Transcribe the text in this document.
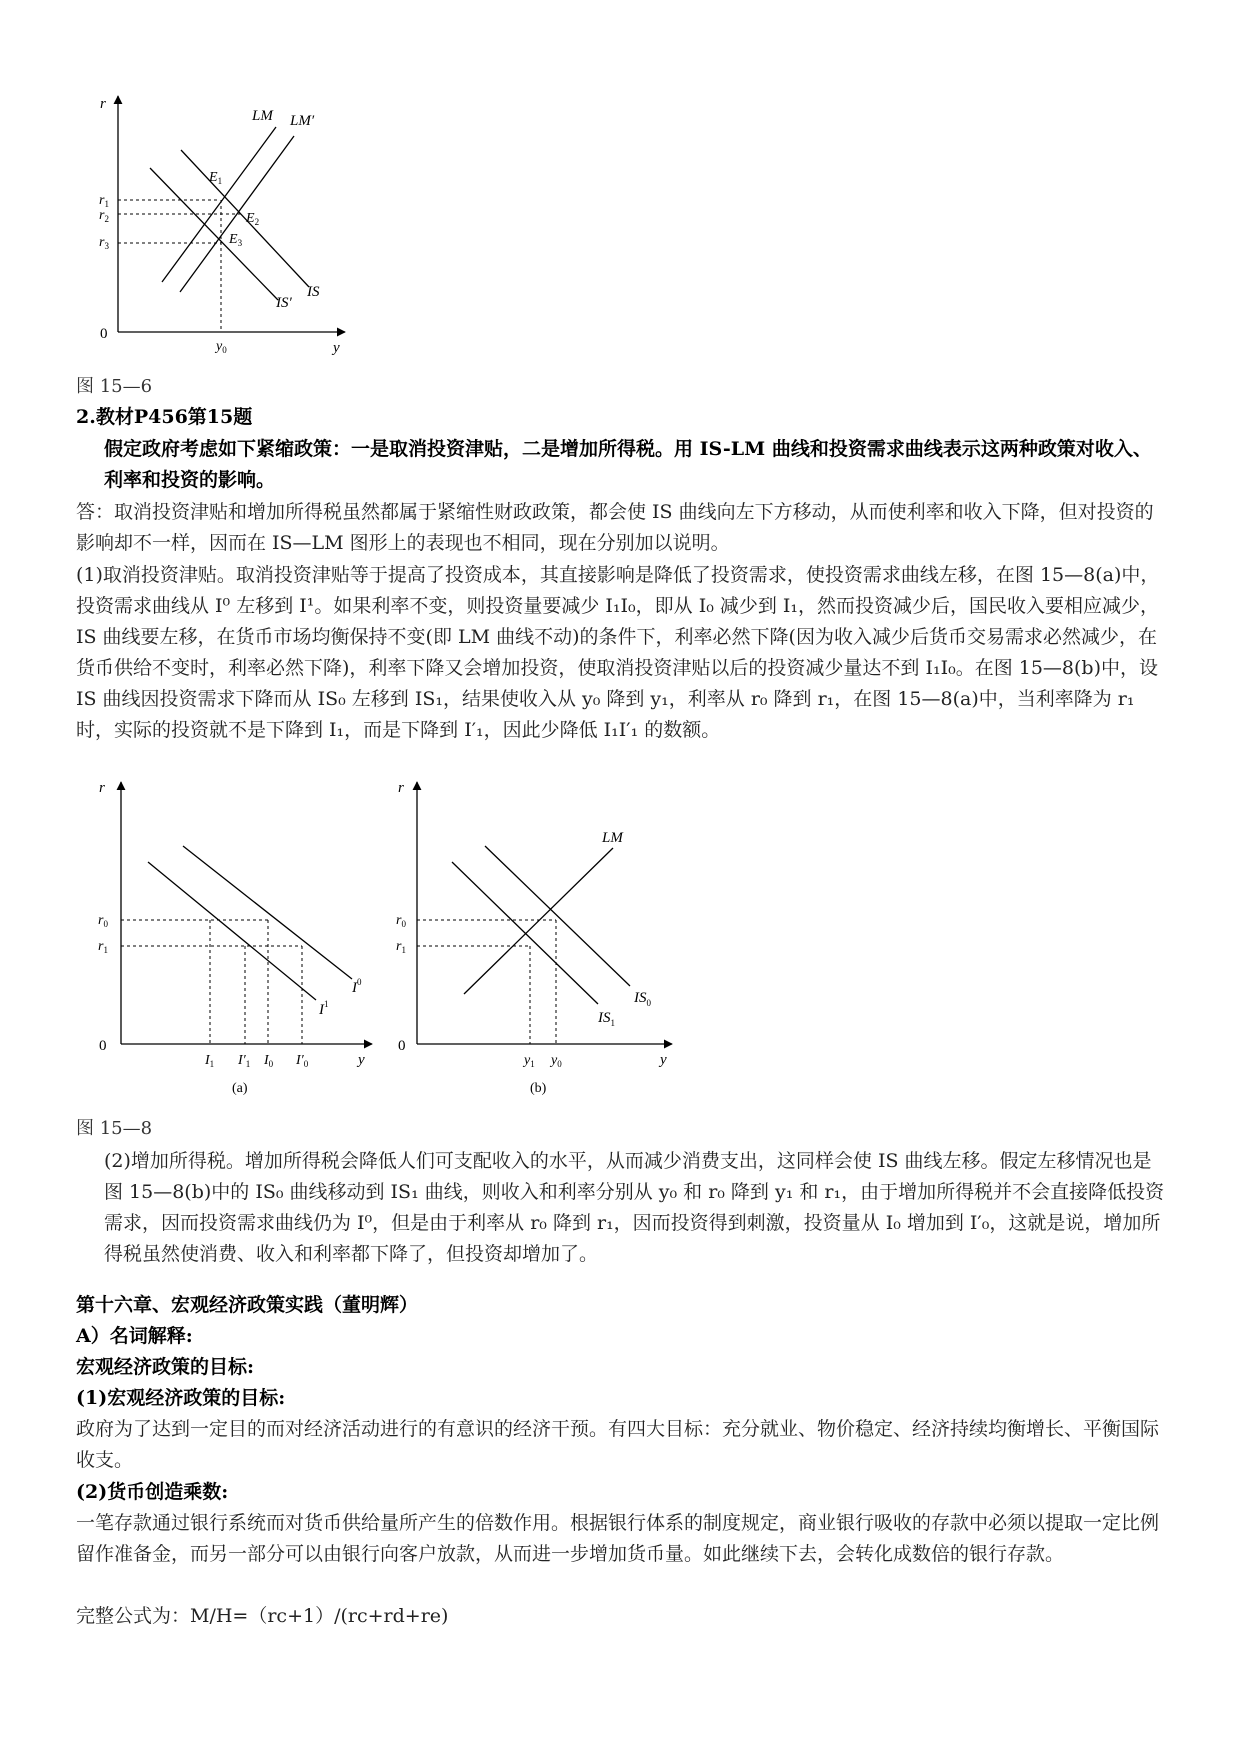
r
0
y
$r_1$
$r_2$
$r_3$
$y_0$
$E_1$
$E_2$
$E_3$
LM LM′
IS
IS′
图 15—6
2.教材P456第15题
假定政府考虑如下紧缩政策：一是取消投资津贴，二是增加所得税。用 IS-LM 曲线和投资需求曲线表示这两种政策对收入、利率和投资的影响。
答：取消投资津贴和增加所得税虽然都属于紧缩性财政政策，都会使 IS 曲线向左下方移动，从而使利率和收入下降，但对投资的影响却不一样，因而在 IS—LM 图形上的表现也不相同，现在分别加以说明。
(1)取消投资津贴。取消投资津贴等于提高了投资成本，其直接影响是降低了投资需求，使投资需求曲线左移，在图 15—8(a)中，投资需求曲线从 I⁰ 左移到 I¹。如果利率不变，则投资量要减少 I₁I₀，即从 I₀ 减少到 I₁，然而投资减少后，国民收入要相应减少，IS 曲线要左移，在货币市场均衡保持不变(即 LM 曲线不动)的条件下，利率必然下降(因为收入减少后货币交易需求必然减少，在货币供给不变时，利率必然下降)，利率下降又会增加投资，使取消投资津贴以后的投资减少量达不到 I₁I₀。在图 15—8(b)中，设 IS 曲线因投资需求下降而从 IS₀ 左移到 IS₁，结果使收入从 y₀ 降到 y₁，利率从 r₀ 降到 r₁，在图 15—8(a)中，当利率降为 r₁ 时，实际的投资就不是下降到 I₁，而是下降到 I′₁，因此少降低 I₁I′₁ 的数额。
r
0
y
$r_0$
$r_1$
$I^0$
$I^1$
$I_1$ $I'_1$ $I_0$ $I'_0$
(a)
r
0
y
$r_0$
$r_1$
LM
$IS_0$
$IS_1$
$y_1$ $y_0$
(b)
图 15—8
(2)增加所得税。增加所得税会降低人们可支配收入的水平，从而减少消费支出，这同样会使 IS 曲线左移。假定左移情况也是图 15—8(b)中的 IS₀ 曲线移动到 IS₁ 曲线，则收入和利率分别从 y₀ 和 r₀ 降到 y₁ 和 r₁，由于增加所得税并不会直接降低投资需求，因而投资需求曲线仍为 I⁰，但是由于利率从 r₀ 降到 r₁，因而投资得到刺激，投资量从 I₀ 增加到 I′₀，这就是说，增加所得税虽然使消费、收入和利率都下降了，但投资却增加了。
第十六章、宏观经济政策实践（董明辉）
A）名词解释:
宏观经济政策的目标:
(1)宏观经济政策的目标:
政府为了达到一定目的而对经济活动进行的有意识的经济干预。有四大目标：充分就业、物价稳定、经济持续均衡增长、平衡国际收支。
(2)货币创造乘数:
一笔存款通过银行系统而对货币供给量所产生的倍数作用。根据银行体系的制度规定，商业银行吸收的存款中必须以提取一定比例留作准备金，而另一部分可以由银行向客户放款，从而进一步增加货币量。如此继续下去，会转化成数倍的银行存款。
完整公式为：M/H=（rc+1）/(rc+rd+re)
